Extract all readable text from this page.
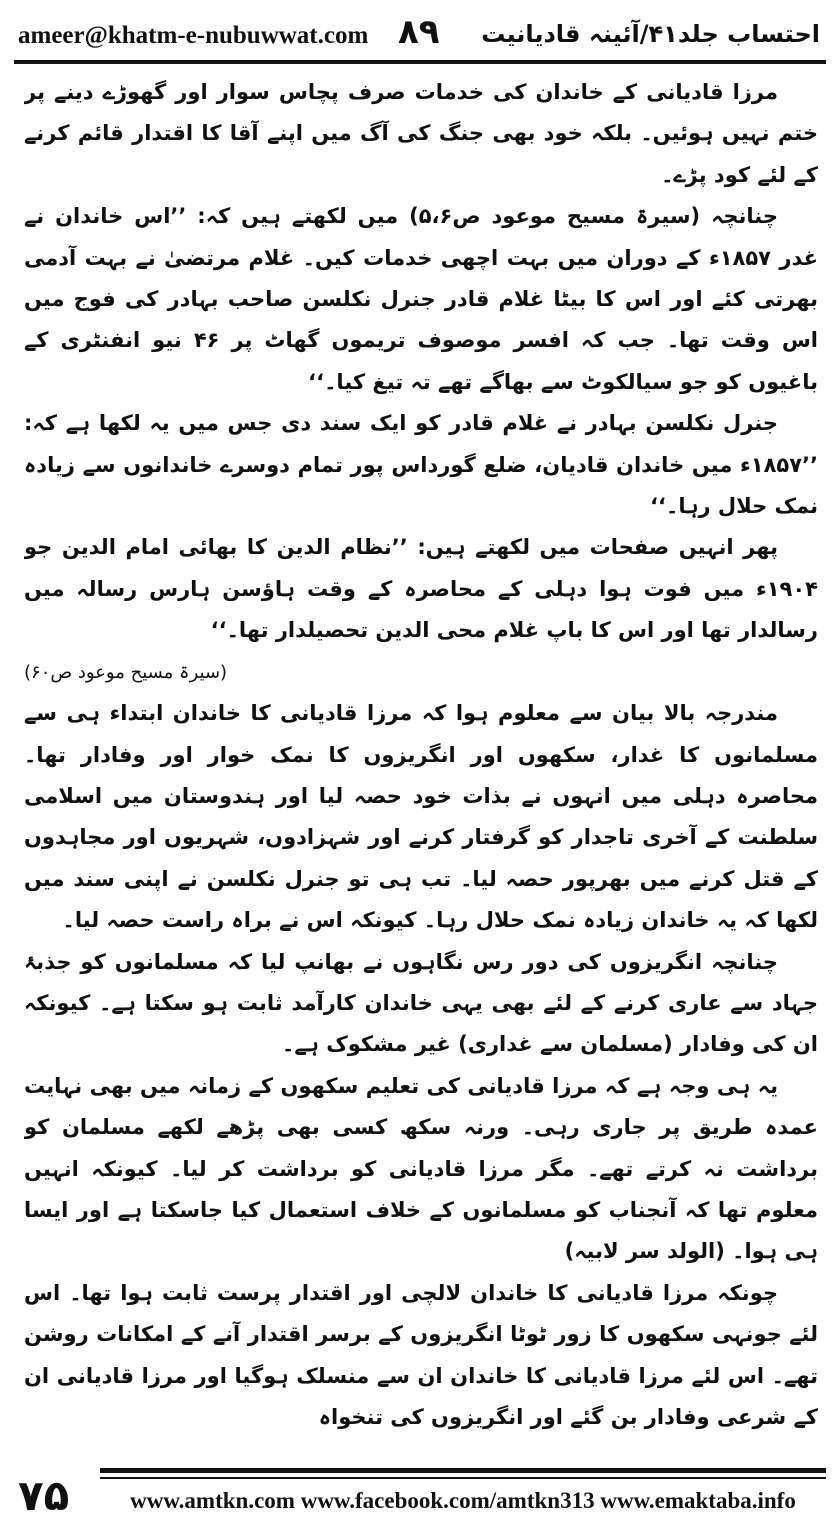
ameer@khatm-e-nubuwwat.com ۸۹ احتساب جلد۴۱/آئینہ قادیانیت

مرزا قادیانی کے خاندان کی خدمات صرف پچاس سوار اور گھوڑے دینے پر ختم نہیں ہوئیں۔ بلکہ خود بھی جنگ کی آگ میں اپنے آقا کا اقتدار قائم کرنے کے لئے کود پڑے۔

چنانچہ (سیرۃ مسیح موعود ص۵،۶) میں لکھتے ہیں کہ: ’’اس خاندان نے غدر ۱۸۵۷ء کے دوران میں بہت اچھی خدمات کیں۔ غلام مرتضیٰ نے بہت آدمی بھرتی کئے اور اس کا بیٹا غلام قادر جنرل نکلسن صاحب بہادر کی فوج میں اس وقت تھا۔ جب کہ افسر موصوف تریموں گھاٹ پر ۴۶ نیو انفنٹری کے باغیوں کو جو سیالکوٹ سے بھاگے تھے تہ تیغ کیا۔‘‘

جنرل نکلسن بہادر نے غلام قادر کو ایک سند دی جس میں یہ لکھا ہے کہ: ’’۱۸۵۷ء میں خاندان قادیان، ضلع گورداس پور تمام دوسرے خاندانوں سے زیادہ نمک حلال رہا۔‘‘

پھر انہیں صفحات میں لکھتے ہیں: ’’نظام الدین کا بھائی امام الدین جو ۱۹۰۴ء میں فوت ہوا دہلی کے محاصرہ کے وقت ہاؤسن ہارس رسالہ میں رسالدار تھا اور اس کا باپ غلام محی الدین تحصیلدار تھا۔‘‘

(سیرۃ مسیح موعود ص۶۰)

مندرجہ بالا بیان سے معلوم ہوا کہ مرزا قادیانی کا خاندان ابتداء ہی سے مسلمانوں کا غدار، سکھوں اور انگریزوں کا نمک خوار اور وفادار تھا۔ محاصرہ دہلی میں انہوں نے بذات خود حصہ لیا اور ہندوستان میں اسلامی سلطنت کے آخری تاجدار کو گرفتار کرنے اور شہزادوں، شہریوں اور مجاہدوں کے قتل کرنے میں بھرپور حصہ لیا۔ تب ہی تو جنرل نکلسن نے اپنی سند میں لکھا کہ یہ خاندان زیادہ نمک حلال رہا۔ کیونکہ اس نے براہ راست حصہ لیا۔

چنانچہ انگریزوں کی دور رس نگاہوں نے بھانپ لیا کہ مسلمانوں کو جذبۂ جہاد سے عاری کرنے کے لئے بھی یہی خاندان کارآمد ثابت ہو سکتا ہے۔ کیونکہ ان کی وفادار (مسلمان سے غداری) غیر مشکوک ہے۔

یہ ہی وجہ ہے کہ مرزا قادیانی کی تعلیم سکھوں کے زمانہ میں بھی نہایت عمدہ طریق پر جاری رہی۔ ورنہ سکھ کسی بھی پڑھے لکھے مسلمان کو برداشت نہ کرتے تھے۔ مگر مرزا قادیانی کو برداشت کر لیا۔ کیونکہ انہیں معلوم تھا کہ آنجناب کو مسلمانوں کے خلاف استعمال کیا جاسکتا ہے اور ایسا ہی ہوا۔ (الولد سر لابیہ)

چونکہ مرزا قادیانی کا خاندان لالچی اور اقتدار پرست ثابت ہوا تھا۔ اس لئے جونہی سکھوں کا زور ٹوٹا انگریزوں کے برسر اقتدار آنے کے امکانات روشن تھے۔ اس لئے مرزا قادیانی کا خاندان ان سے منسلک ہوگیا اور مرزا قادیانی ان کے شرعی وفادار بن گئے اور انگریزوں کی تنخواہ

۷۵	www.amtkn.com www.facebook.com/amtkn313 www.emaktaba.info
